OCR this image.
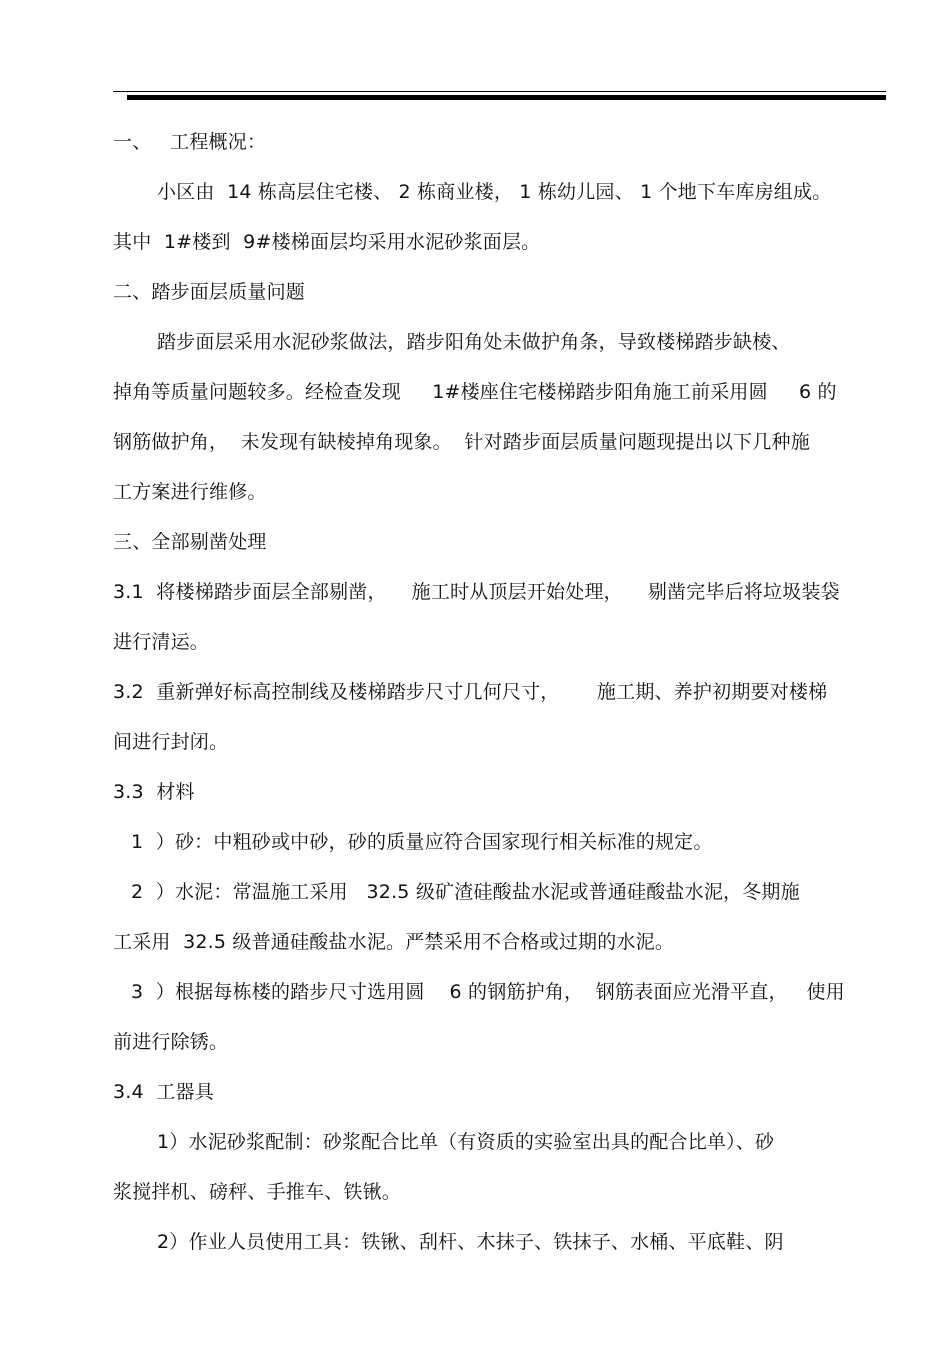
一、   工程概况：
小区由  14 栋高层住宅楼、 2 栋商业楼， 1 栋幼儿园、 1 个地下车库房组成。
其中  1#楼到  9#楼梯面层均采用水泥砂浆面层。
二、踏步面层质量问题
踏步面层采用水泥砂浆做法，踏步阳角处未做护角条，导致楼梯踏步缺棱、
掉角等质量问题较多。经检查发现     1#楼座住宅楼梯踏步阳角施工前采用圆     6 的
钢筋做护角，  未发现有缺棱掉角现象。  针对踏步面层质量问题现提出以下几种施
工方案进行维修。
三、全部剔凿处理
3.1  将楼梯踏步面层全部剔凿，    施工时从顶层开始处理，    剔凿完毕后将垃圾装袋
进行清运。
3.2  重新弹好标高控制线及楼梯踏步尺寸几何尺寸，      施工期、养护初期要对楼梯
间进行封闭。
3.3  材料
1  ）砂：中粗砂或中砂，砂的质量应符合国家现行相关标准的规定。
2  ）水泥：常温施工采用   32.5 级矿渣硅酸盐水泥或普通硅酸盐水泥，冬期施
工采用  32.5 级普通硅酸盐水泥。严禁采用不合格或过期的水泥。
3  ）根据每栋楼的踏步尺寸选用圆    6 的钢筋护角，  钢筋表面应光滑平直，   使用
前进行除锈。
3.4  工器具
1）水泥砂浆配制：砂浆配合比单（有资质的实验室出具的配合比单）、砂
浆搅拌机、磅秤、手推车、铁锹。
2）作业人员使用工具：铁锹、刮杆、木抹子、铁抹子、水桶、平底鞋、阴
